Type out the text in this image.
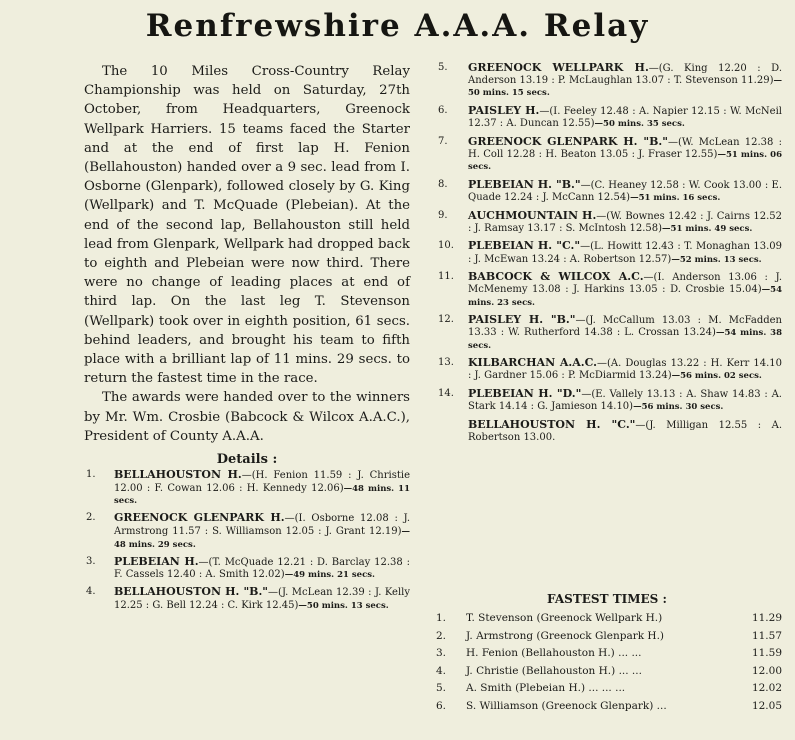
Renfrewshire A.A.A. Relay

The 10 Miles Cross-Country Relay Championship was held on Saturday, 27th October, from Headquarters, Greenock Wellpark Harriers. 15 teams faced the Starter and at the end of first lap H. Fenion (Bellahouston) handed over a 9 sec. lead from I. Osborne (Glenpark), followed closely by G. King (Wellpark) and T. McQuade (Plebeian). At the end of the second lap, Bellahouston still held lead from Glenpark, Wellpark had dropped back to eighth and Plebeian were now third. There were no change of leading places at end of third lap. On the last leg T. Stevenson (Wellpark) took over in eighth position, 61 secs. behind leaders, and brought his team to fifth place with a brilliant lap of 11 mins. 29 secs. to return the fastest time in the race.

The awards were handed over to the winners by Mr. Wm. Crosbie (Babcock & Wilcox A.A.C.), President of County A.A.A.

Details :
1.	BELLAHOUSTON H.—(H. Fenion 11.59 : J. Christie 12.00 : F. Cowan 12.06 : H. Kennedy 12.06)—48 mins. 11 secs.
2.	GREENOCK GLENPARK H.—(I. Osborne 12.08 : J. Armstrong 11.57 : S. Williamson 12.05 : J. Grant 12.19)—48 mins. 29 secs.
3.	PLEBEIAN H.—(T. McQuade 12.21 : D. Barclay 12.38 : F. Cassels 12.40 : A. Smith 12.02)—49 mins. 21 secs.
4.	BELLAHOUSTON H. "B."—(J. McLean 12.39 : J. Kelly 12.25 : G. Bell 12.24 : C. Kirk 12.45)—50 mins. 13 secs.
5.	GREENOCK WELLPARK H.—(G. King 12.20 : D. Anderson 13.19 : P. McLaughlan 13.07 : T. Stevenson 11.29)—50 mins. 15 secs.
6.	PAISLEY H.—(I. Feeley 12.48 : A. Napier 12.15 : W. McNeil 12.37 : A. Duncan 12.55)—50 mins. 35 secs.
7.	GREENOCK GLENPARK H. "B."—(W. McLean 12.38 : H. Coll 12.28 : H. Beaton 13.05 : J. Fraser 12.55)—51 mins. 06 secs.
8.	PLEBEIAN H. "B."—(C. Heaney 12.58 : W. Cook 13.00 : E. Quade 12.24 : J. McCann 12.54)—51 mins. 16 secs.
9.	AUCHMOUNTAIN H.—(W. Bownes 12.42 : J. Cairns 12.52 : J. Ramsay 13.17 : S. McIntosh 12.58)—51 mins. 49 secs.
10.	PLEBEIAN H. "C."—(L. Howitt 12.43 : T. Monaghan 13.09 : J. McEwan 13.24 : A. Robertson 12.57)—52 mins. 13 secs.
11.	BABCOCK & WILCOX A.C.—(I. Anderson 13.06 : J. McMenemy 13.08 : J. Harkins 13.05 : D. Crosbie 15.04)—54 mins. 23 secs.
12.	PAISLEY H. "B."—(J. McCallum 13.03 : M. McFadden 13.33 : W. Rutherford 14.38 : L. Crossan 13.24)—54 mins. 38 secs.
13.	KILBARCHAN A.A.C.—(A. Douglas 13.22 : H. Kerr 14.10 : J. Gardner 15.06 : P. McDiarmid 13.24)—56 mins. 02 secs.
14.	PLEBEIAN H. "D."—(E. Vallely 13.13 : A. Shaw 14.83 : A. Stark 14.14 : G. Jamieson 14.10)—56 mins. 30 secs.
BELLAHOUSTON H. "C."—(J. Milligan 12.55 : A. Robertson 13.00.
FASTEST TIMES :
1.	T. Stevenson (Greenock Wellpark H.)	11.29
2.	J. Armstrong (Greenock Glenpark H.)	11.57
3.	H. Fenion (Bellahouston H.) ... ...	11.59
4.	J. Christie (Bellahouston H.) ... ...	12.00
5.	A. Smith (Plebeian H.) ... ... ...	12.02
6.	S. Williamson (Greenock Glenpark) ...	12.05
